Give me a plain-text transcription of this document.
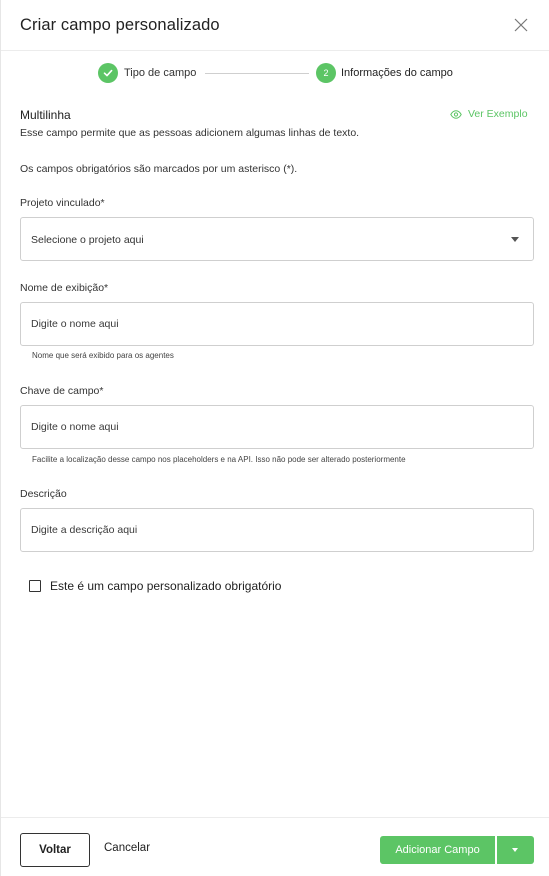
Criar campo personalizado
Tipo de campo	2	Informações do campo
Multilinha	Ver Exemplo
Esse campo permite que as pessoas adicionem algumas linhas de texto.
Os campos obrigatórios são marcados por um asterisco (*).
Projeto vinculado*
Selecione o projeto aqui
Nome de exibição*
Digite o nome aqui
Nome que será exibido para os agentes
Chave de campo*
Digite o nome aqui
Facilite a localização desse campo nos placeholders e na API. Isso não pode ser alterado posteriormente
Descrição
Digite a descrição aqui
Este é um campo personalizado obrigatório
Voltar	Cancelar	Adicionar Campo
